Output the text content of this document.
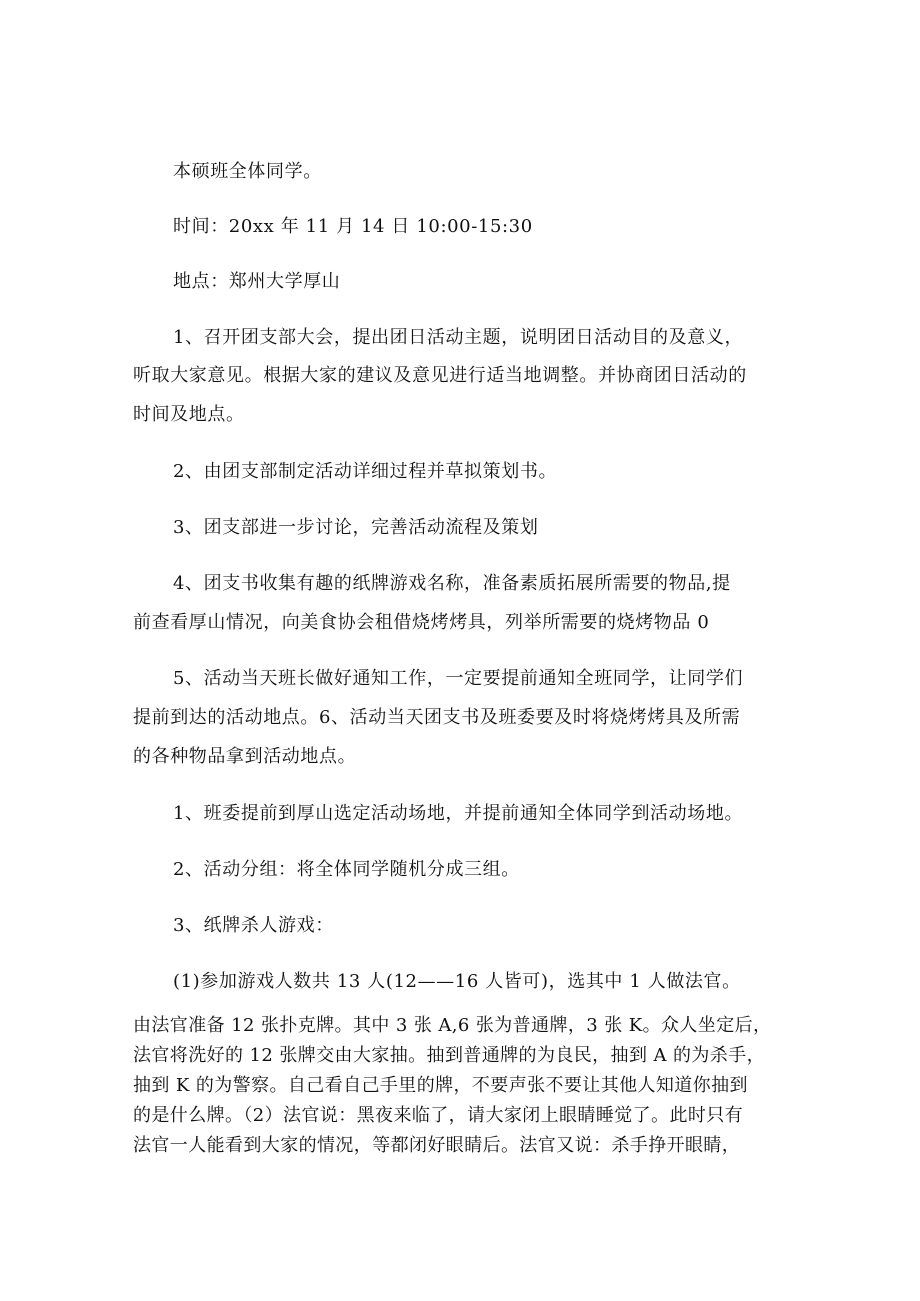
本硕班全体同学。

时间：20xx 年 11 月 14 日 10:00-15:30

地点：郑州大学厚山

1、召开团支部大会，提出团日活动主题，说明团日活动目的及意义，

听取大家意见。根据大家的建议及意见进行适当地调整。并协商团日活动的

时间及地点。

2、由团支部制定活动详细过程并草拟策划书。

3、团支部进一步讨论，完善活动流程及策划

4、团支书收集有趣的纸牌游戏名称，准备素质拓展所需要的物品,提

前查看厚山情况，向美食协会租借烧烤烤具，列举所需要的烧烤物品 0

5、活动当天班长做好通知工作，一定要提前通知全班同学，让同学们

提前到达的活动地点。6、活动当天团支书及班委要及时将烧烤烤具及所需

的各种物品拿到活动地点。

1、班委提前到厚山选定活动场地，并提前通知全体同学到活动场地。

2、活动分组：将全体同学随机分成三组。

3、纸牌杀人游戏：

(1)参加游戏人数共 13 人(12——16 人皆可)，选其中 1 人做法官。

由法官准备 12 张扑克牌。其中 3 张 A,6 张为普通牌，3 张 K。众人坐定后，

法官将洗好的 12 张牌交由大家抽。抽到普通牌的为良民，抽到 A 的为杀手，

抽到 K 的为警察。自己看自己手里的牌，不要声张不要让其他人知道你抽到

的是什么牌。（2）法官说：黑夜来临了，请大家闭上眼睛睡觉了。此时只有

法官一人能看到大家的情况，等都闭好眼睛后。法官又说：杀手挣开眼睛，
